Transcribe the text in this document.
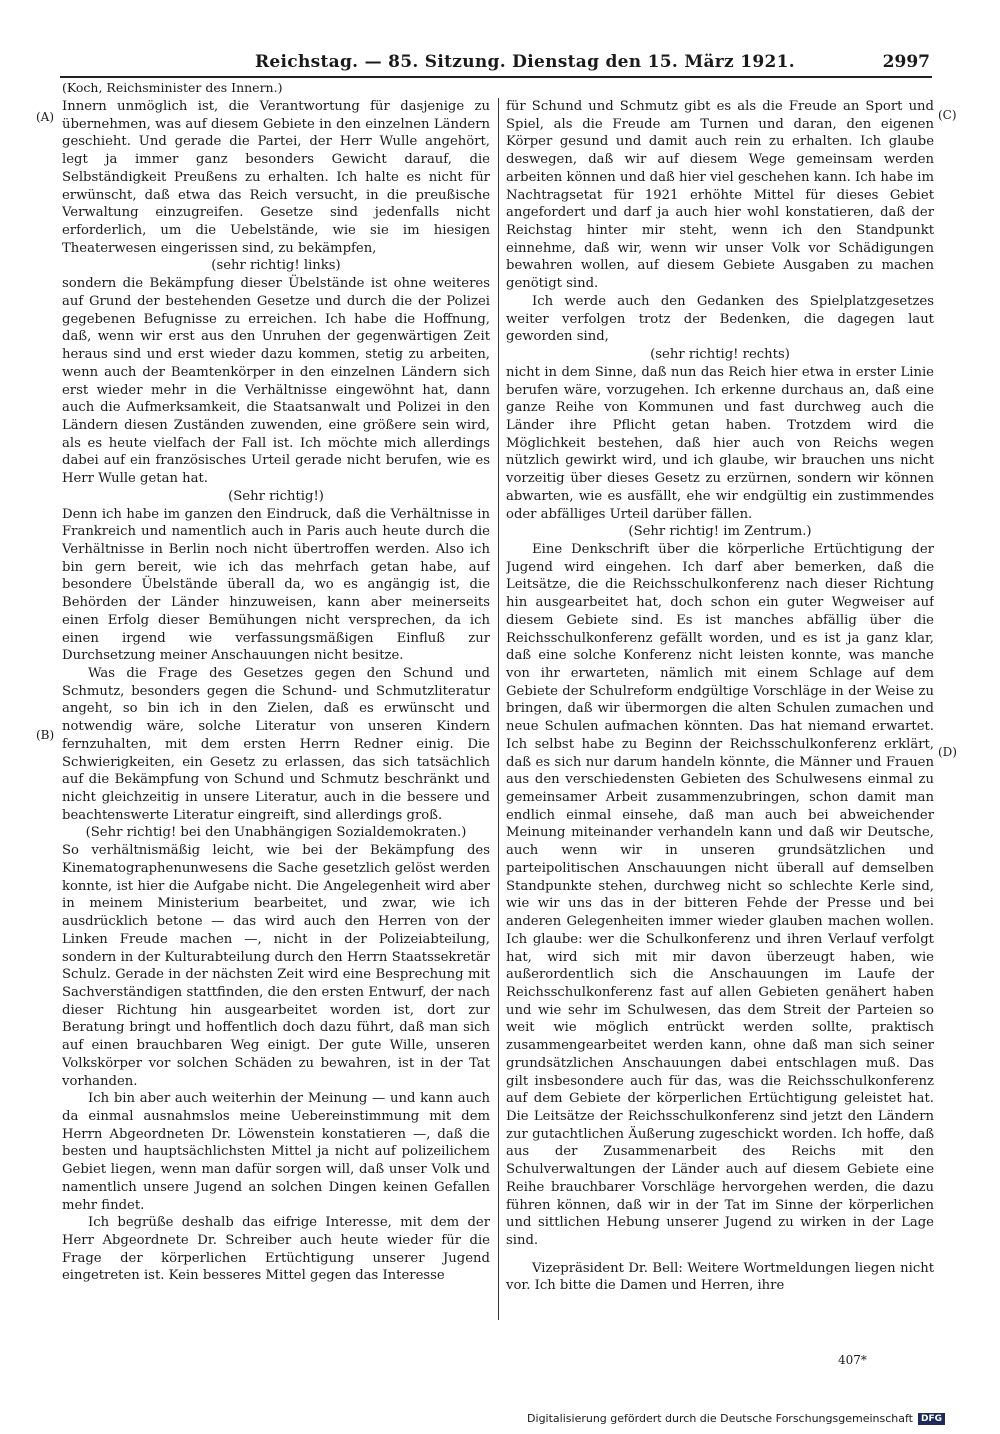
Reichstag. — 85. Sitzung. Dienstag den 15. März 1921.	2997
(Koch, Reichsminister des Innern.)
(A)
(B)
(C)
(D)

Innern unmöglich ist, die Verantwortung für dasjenige zu übernehmen, was auf diesem Gebiete in den einzelnen Ländern geschieht. Und gerade die Partei, der Herr Wulle angehört, legt ja immer ganz besonders Gewicht darauf, die Selbständigkeit Preußens zu erhalten. Ich halte es nicht für erwünscht, daß etwa das Reich versucht, in die preußische Verwaltung einzugreifen. Gesetze sind jedenfalls nicht erforderlich, um die Uebelstände, wie sie im hiesigen Theaterwesen eingerissen sind, zu bekämpfen,

(sehr richtig! links)

sondern die Bekämpfung dieser Übelstände ist ohne weiteres auf Grund der bestehenden Gesetze und durch die der Polizei gegebenen Befugnisse zu erreichen. Ich habe die Hoffnung, daß, wenn wir erst aus den Unruhen der gegenwärtigen Zeit heraus sind und erst wieder dazu kommen, stetig zu arbeiten, wenn auch der Beamtenkörper in den einzelnen Ländern sich erst wieder mehr in die Verhältnisse eingewöhnt hat, dann auch die Aufmerksamkeit, die Staatsanwalt und Polizei in den Ländern diesen Zuständen zuwenden, eine größere sein wird, als es heute vielfach der Fall ist. Ich möchte mich allerdings dabei auf ein französisches Urteil gerade nicht berufen, wie es Herr Wulle getan hat.

(Sehr richtig!)

Denn ich habe im ganzen den Eindruck, daß die Verhältnisse in Frankreich und namentlich auch in Paris auch heute durch die Verhältnisse in Berlin noch nicht übertroffen werden. Also ich bin gern bereit, wie ich das mehrfach getan habe, auf besondere Übelstände überall da, wo es angängig ist, die Behörden der Länder hinzuweisen, kann aber meinerseits einen Erfolg dieser Bemühungen nicht versprechen, da ich einen irgend wie verfassungsmäßigen Einfluß zur Durchsetzung meiner Anschauungen nicht besitze.

Was die Frage des Gesetzes gegen den Schund und Schmutz, besonders gegen die Schund- und Schmutzliteratur angeht, so bin ich in den Zielen, daß es erwünscht und notwendig wäre, solche Literatur von unseren Kindern fernzuhalten, mit dem ersten Herrn Redner einig. Die Schwierigkeiten, ein Gesetz zu erlassen, das sich tatsächlich auf die Bekämpfung von Schund und Schmutz beschränkt und nicht gleichzeitig in unsere Literatur, auch in die bessere und beachtenswerte Literatur eingreift, sind allerdings groß.

(Sehr richtig! bei den Unabhängigen Sozialdemokraten.)

So verhältnismäßig leicht, wie bei der Bekämpfung des Kinematographenunwesens die Sache gesetzlich gelöst werden konnte, ist hier die Aufgabe nicht. Die Angelegenheit wird aber in meinem Ministerium bearbeitet, und zwar, wie ich ausdrücklich betone — das wird auch den Herren von der Linken Freude machen —, nicht in der Polizeiabteilung, sondern in der Kulturabteilung durch den Herrn Staatssekretär Schulz. Gerade in der nächsten Zeit wird eine Besprechung mit Sachverständigen stattfinden, die den ersten Entwurf, der nach dieser Richtung hin ausgearbeitet worden ist, dort zur Beratung bringt und hoffentlich doch dazu führt, daß man sich auf einen brauchbaren Weg einigt. Der gute Wille, unseren Volkskörper vor solchen Schäden zu bewahren, ist in der Tat vorhanden.

Ich bin aber auch weiterhin der Meinung — und kann auch da einmal ausnahmslos meine Uebereinstimmung mit dem Herrn Abgeordneten Dr. Löwenstein konstatieren —, daß die besten und hauptsächlichsten Mittel ja nicht auf polizeilichem Gebiet liegen, wenn man dafür sorgen will, daß unser Volk und namentlich unsere Jugend an solchen Dingen keinen Gefallen mehr findet.

Ich begrüße deshalb das eifrige Interesse, mit dem der Herr Abgeordnete Dr. Schreiber auch heute wieder für die Frage der körperlichen Ertüchtigung unserer Jugend eingetreten ist. Kein besseres Mittel gegen das Interesse

für Schund und Schmutz gibt es als die Freude an Sport und Spiel, als die Freude am Turnen und daran, den eigenen Körper gesund und damit auch rein zu erhalten. Ich glaube deswegen, daß wir auf diesem Wege gemeinsam werden arbeiten können und daß hier viel geschehen kann. Ich habe im Nachtragsetat für 1921 erhöhte Mittel für dieses Gebiet angefordert und darf ja auch hier wohl konstatieren, daß der Reichstag hinter mir steht, wenn ich den Standpunkt einnehme, daß wir, wenn wir unser Volk vor Schädigungen bewahren wollen, auf diesem Gebiete Ausgaben zu machen genötigt sind.

Ich werde auch den Gedanken des Spielplatzgesetzes weiter verfolgen trotz der Bedenken, die dagegen laut geworden sind,

(sehr richtig! rechts)

nicht in dem Sinne, daß nun das Reich hier etwa in erster Linie berufen wäre, vorzugehen. Ich erkenne durchaus an, daß eine ganze Reihe von Kommunen und fast durchweg auch die Länder ihre Pflicht getan haben. Trotzdem wird die Möglichkeit bestehen, daß hier auch von Reichs wegen nützlich gewirkt wird, und ich glaube, wir brauchen uns nicht vorzeitig über dieses Gesetz zu erzürnen, sondern wir können abwarten, wie es ausfällt, ehe wir endgültig ein zustimmendes oder abfälliges Urteil darüber fällen.

(Sehr richtig! im Zentrum.)

Eine Denkschrift über die körperliche Ertüchtigung der Jugend wird eingehen. Ich darf aber bemerken, daß die Leitsätze, die die Reichsschulkonferenz nach dieser Richtung hin ausgearbeitet hat, doch schon ein guter Wegweiser auf diesem Gebiete sind. Es ist manches abfällig über die Reichsschulkonferenz gefällt worden, und es ist ja ganz klar, daß eine solche Konferenz nicht leisten konnte, was manche von ihr erwarteten, nämlich mit einem Schlage auf dem Gebiete der Schulreform endgültige Vorschläge in der Weise zu bringen, daß wir übermorgen die alten Schulen zumachen und neue Schulen aufmachen könnten. Das hat niemand erwartet. Ich selbst habe zu Beginn der Reichsschulkonferenz erklärt, daß es sich nur darum handeln könnte, die Männer und Frauen aus den verschiedensten Gebieten des Schulwesens einmal zu gemeinsamer Arbeit zusammenzubringen, schon damit man endlich einmal einsehe, daß man auch bei abweichender Meinung miteinander verhandeln kann und daß wir Deutsche, auch wenn wir in unseren grundsätzlichen und parteipolitischen Anschauungen nicht überall auf demselben Standpunkte stehen, durchweg nicht so schlechte Kerle sind, wie wir uns das in der bitteren Fehde der Presse und bei anderen Gelegenheiten immer wieder glauben machen wollen. Ich glaube: wer die Schulkonferenz und ihren Verlauf verfolgt hat, wird sich mit mir davon überzeugt haben, wie außerordentlich sich die Anschauungen im Laufe der Reichsschulkonferenz fast auf allen Gebieten genähert haben und wie sehr im Schulwesen, das dem Streit der Parteien so weit wie möglich entrückt werden sollte, praktisch zusammengearbeitet werden kann, ohne daß man sich seiner grundsätzlichen Anschauungen dabei entschlagen muß. Das gilt insbesondere auch für das, was die Reichsschulkonferenz auf dem Gebiete der körperlichen Ertüchtigung geleistet hat. Die Leitsätze der Reichsschulkonferenz sind jetzt den Ländern zur gutachtlichen Äußerung zugeschickt worden. Ich hoffe, daß aus der Zusammenarbeit des Reichs mit den Schulverwaltungen der Länder auch auf diesem Gebiete eine Reihe brauchbarer Vorschläge hervorgehen werden, die dazu führen können, daß wir in der Tat im Sinne der körperlichen und sittlichen Hebung unserer Jugend zu wirken in der Lage sind.

Vizepräsident Dr. Bell: Weitere Wortmeldungen liegen nicht vor. Ich bitte die Damen und Herren, ihre

407*
Digitalisierung gefördert durch die Deutsche Forschungsgemeinschaft DFG
